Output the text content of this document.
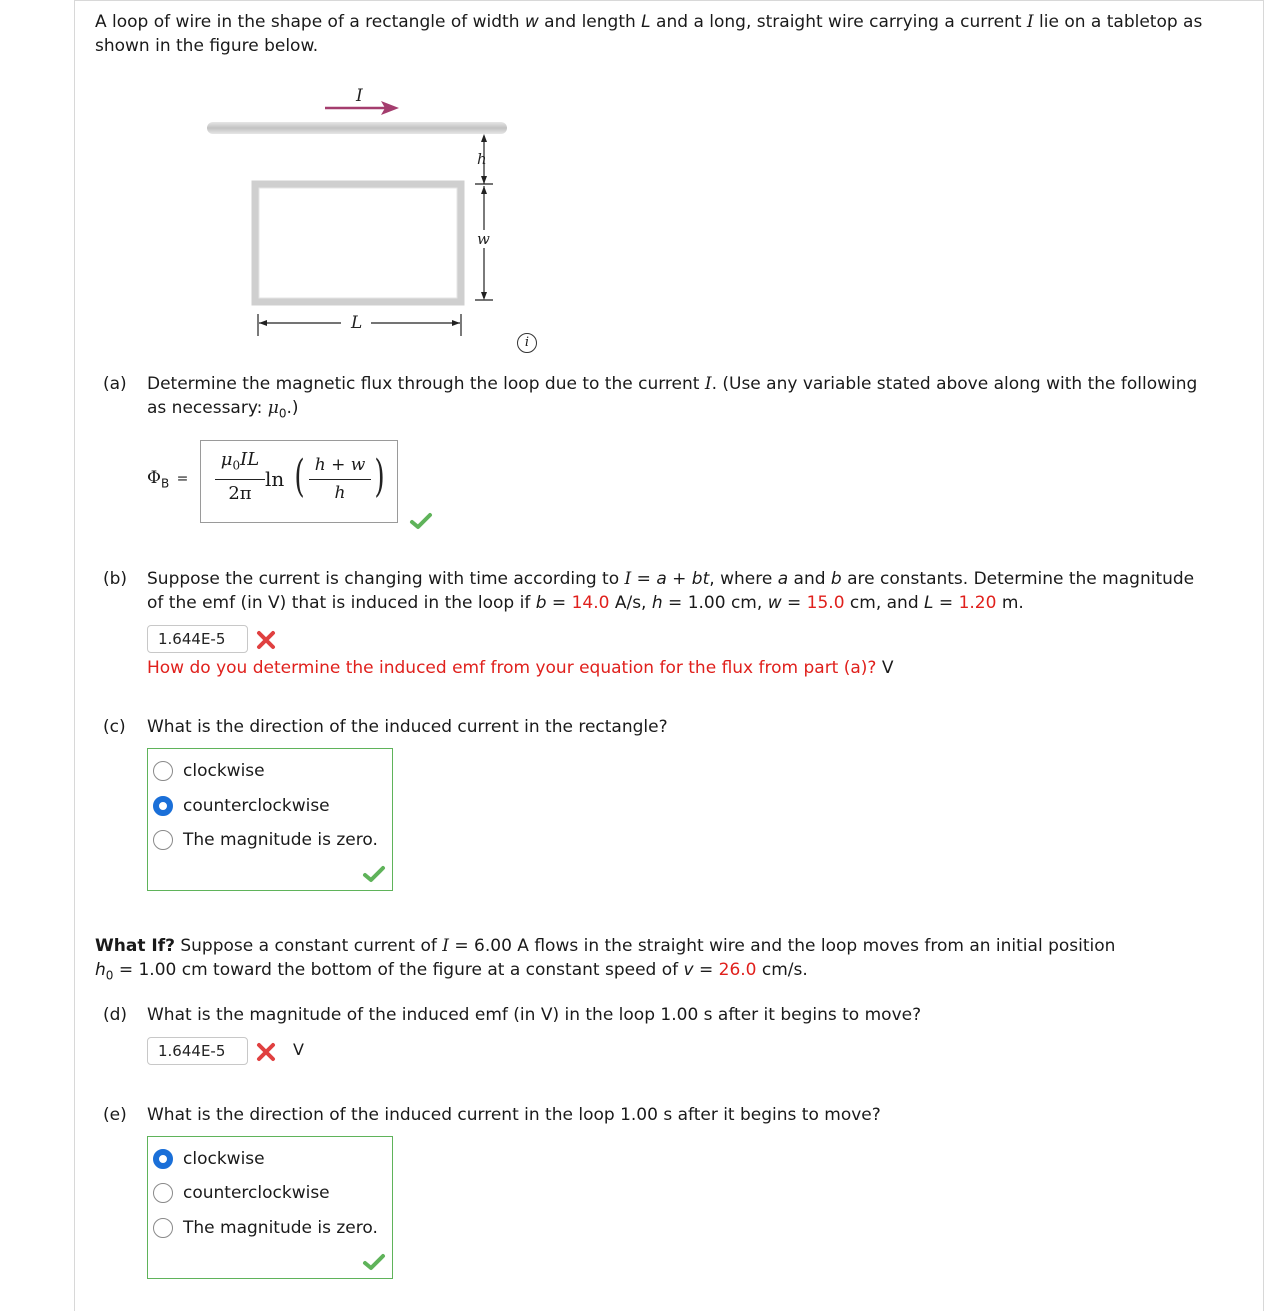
A loop of wire in the shape of a rectangle of width w and length L and a long, straight wire carrying a current I lie on a tabletop as
shown in the figure below.
I
h
w
L
i
(a) Determine the magnetic flux through the loop due to the current I. (Use any variable stated above along with the following
as necessary: $\mu_0$.)
$\Phi_B$ =
$\mu_0IL$
2π
ln ( h + w
h )
(b) Suppose the current is changing with time according to I = a + bt, where a and b are constants. Determine the magnitude
of the emf (in V) that is induced in the loop if b = 14.0 A/s, h = 1.00 cm, w = 15.0 cm, and L = 1.20 m.
1.644E-5
How do you determine the induced emf from your equation for the flux from part (a)? V
(c) What is the direction of the induced current in the rectangle?
clockwise
counterclockwise
The magnitude is zero.
What If? Suppose a constant current of I = 6.00 A flows in the straight wire and the loop moves from an initial position
$h_0 = 1.00$ cm toward the bottom of the figure at a constant speed of v = 26.0 cm/s.
(d) What is the magnitude of the induced emf (in V) in the loop 1.00 s after it begins to move?
1.644E-5	V
(e) What is the direction of the induced current in the loop 1.00 s after it begins to move?
clockwise
counterclockwise
The magnitude is zero.
